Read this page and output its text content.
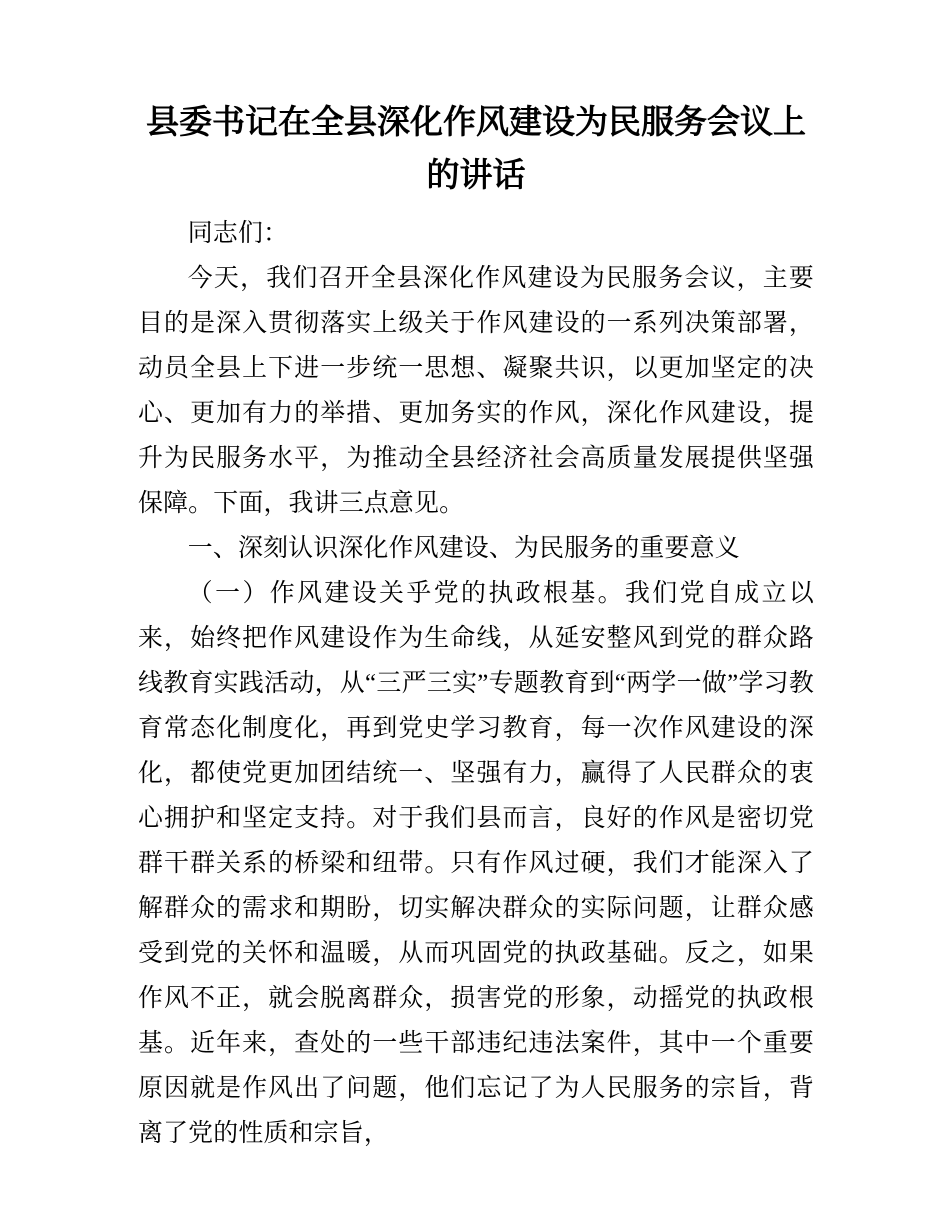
县委书记在全县深化作风建设为民服务会议上的讲话

同志们：

今天，我们召开全县深化作风建设为民服务会议，主要目的是深入贯彻落实上级关于作风建设的一系列决策部署，动员全县上下进一步统一思想、凝聚共识，以更加坚定的决心、更加有力的举措、更加务实的作风，深化作风建设，提升为民服务水平，为推动全县经济社会高质量发展提供坚强保障。下面，我讲三点意见。

一、深刻认识深化作风建设、为民服务的重要意义

（一）作风建设关乎党的执政根基。我们党自成立以来，始终把作风建设作为生命线，从延安整风到党的群众路线教育实践活动，从“三严三实”专题教育到“两学一做”学习教育常态化制度化，再到党史学习教育，每一次作风建设的深化，都使党更加团结统一、坚强有力，赢得了人民群众的衷心拥护和坚定支持。对于我们县而言，良好的作风是密切党群干群关系的桥梁和纽带。只有作风过硬，我们才能深入了解群众的需求和期盼，切实解决群众的实际问题，让群众感受到党的关怀和温暖，从而巩固党的执政基础。反之，如果作风不正，就会脱离群众，损害党的形象，动摇党的执政根基。近年来，查处的一些干部违纪违法案件，其中一个重要原因就是作风出了问题，他们忘记了为人民服务的宗旨，背离了党的性质和宗旨，
